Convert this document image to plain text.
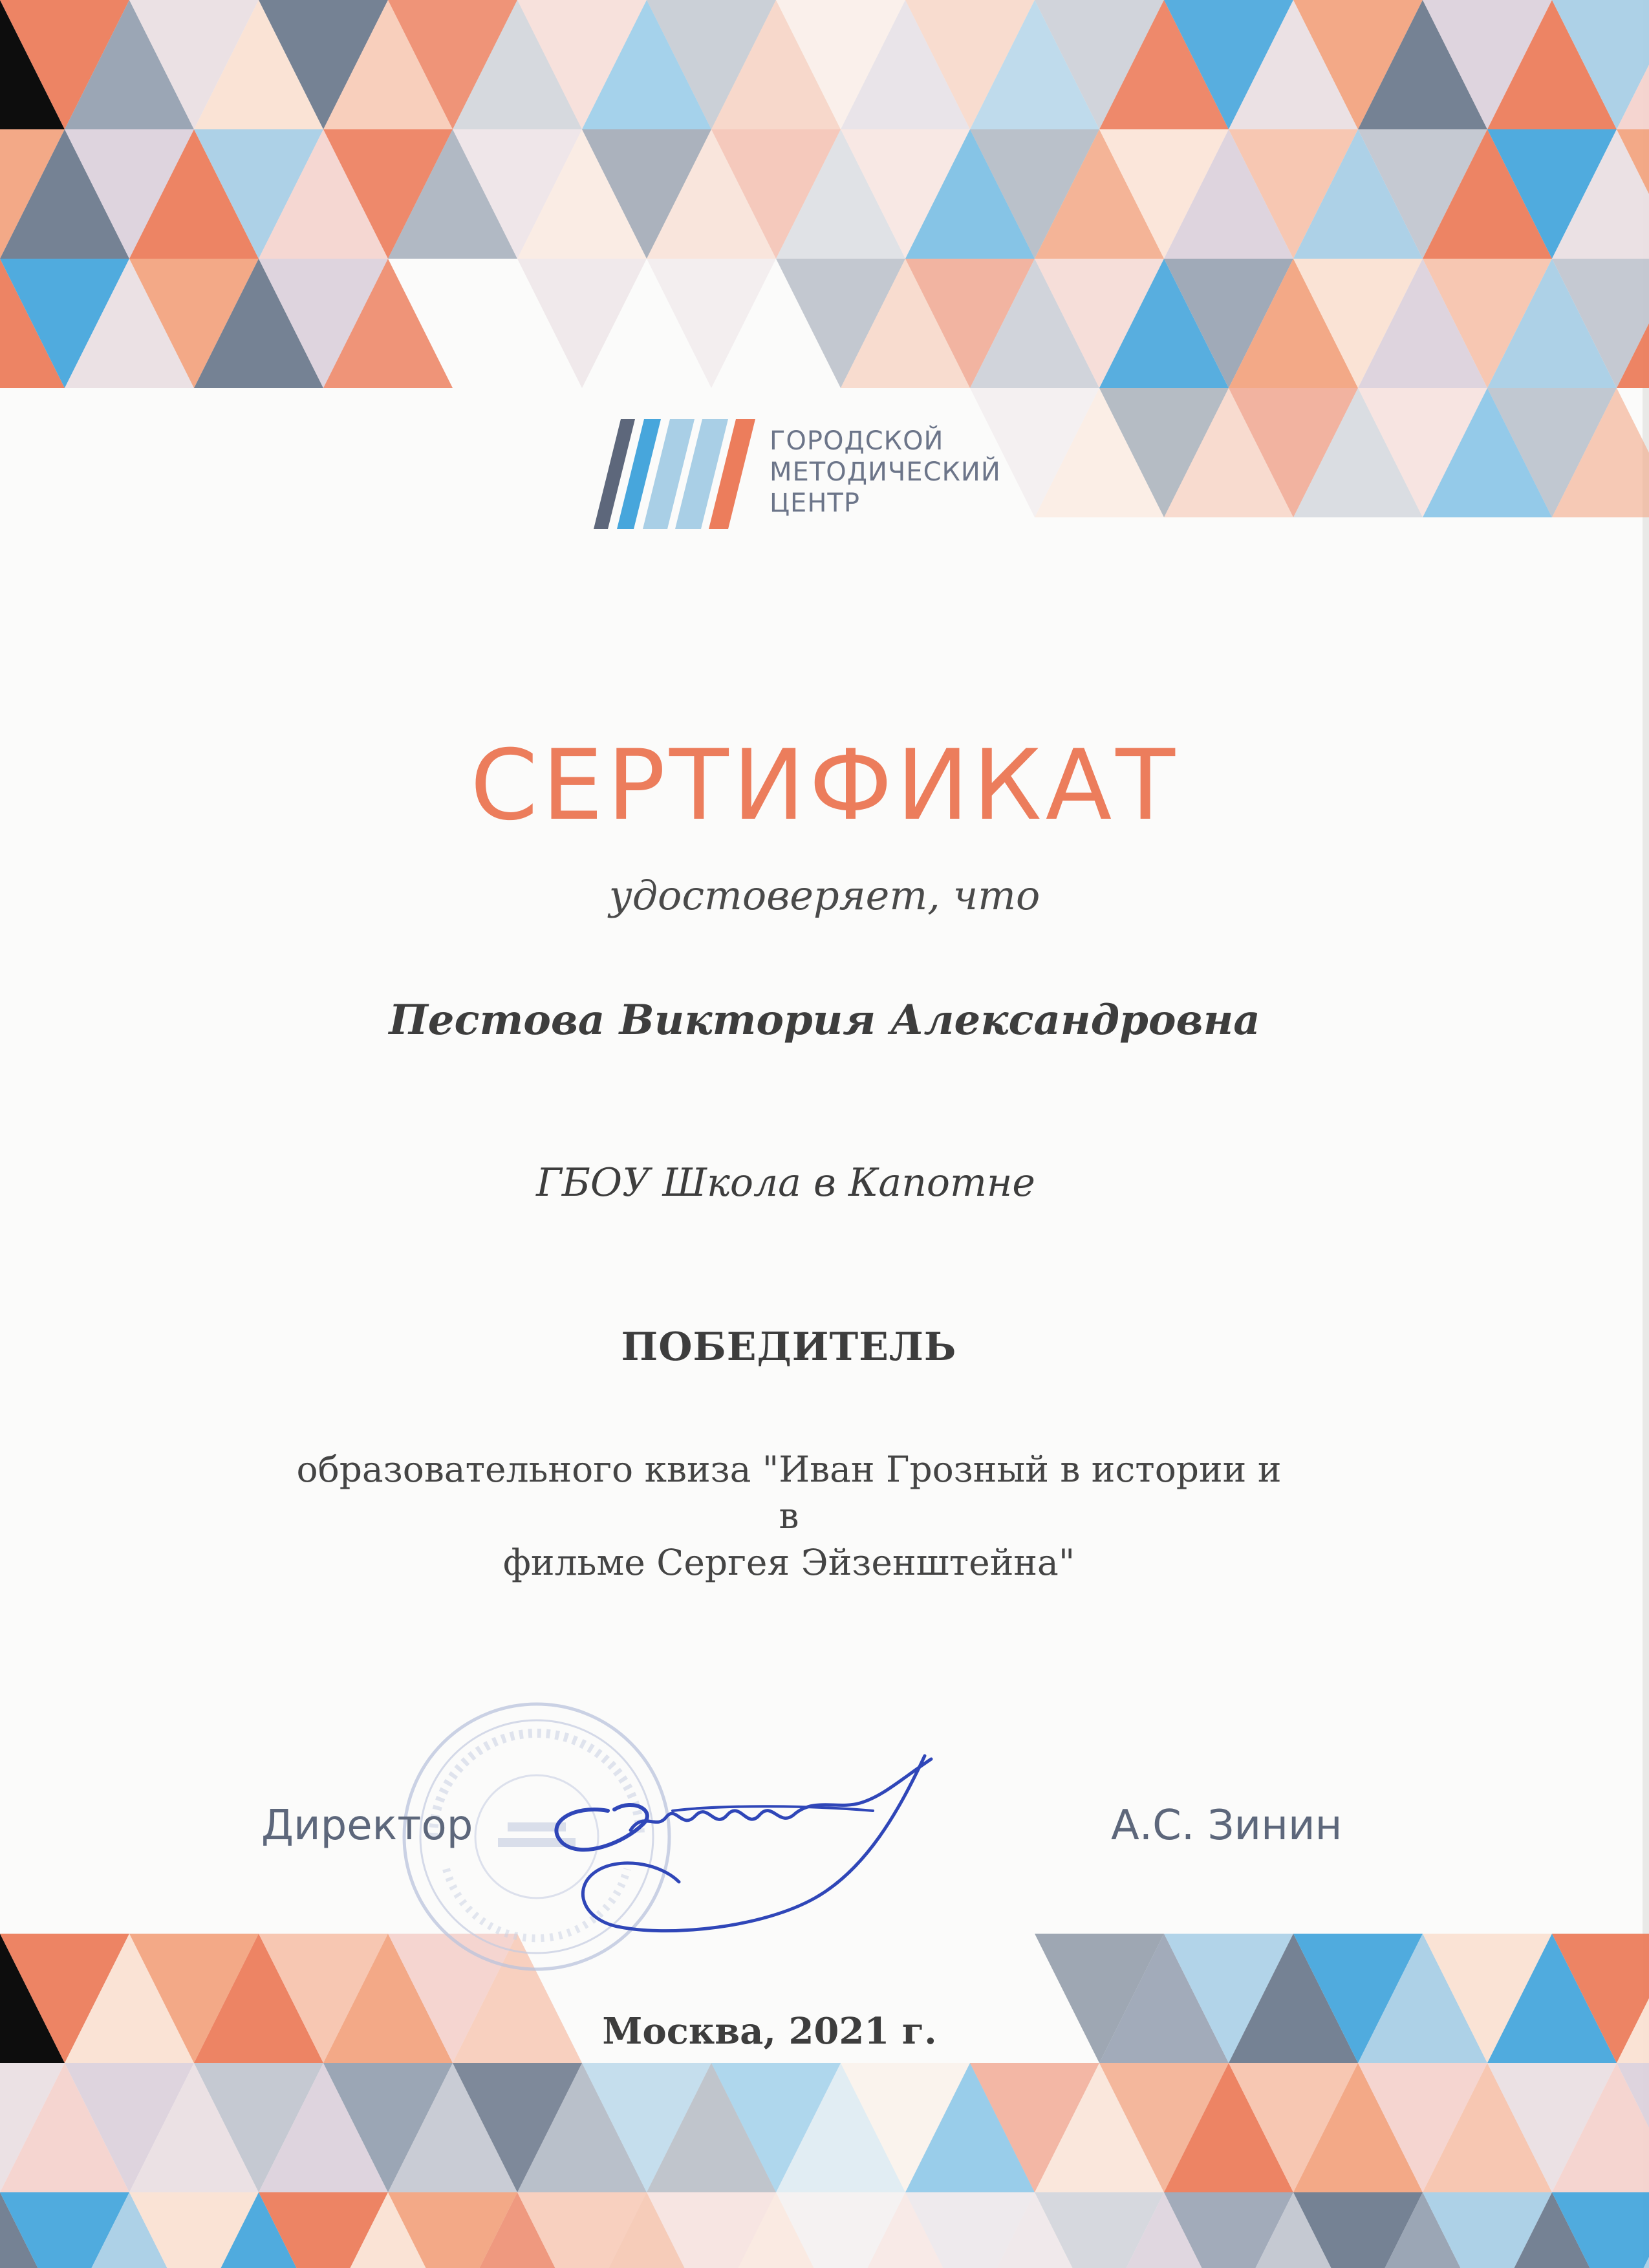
ГОРОДСКОЙ
МЕТОДИЧЕСКИЙ
ЦЕНТР
СЕРТИФИКАТ
удостоверяет, что
Пестова Виктория Александровна
ГБОУ Школа в Капотне
ПОБЕДИТЕЛЬ
образовательного квиза "Иван Грозный в истории и в
фильме Сергея Эйзенштейна"
Директор	А.С. Зинин
Москва, 2021 г.
